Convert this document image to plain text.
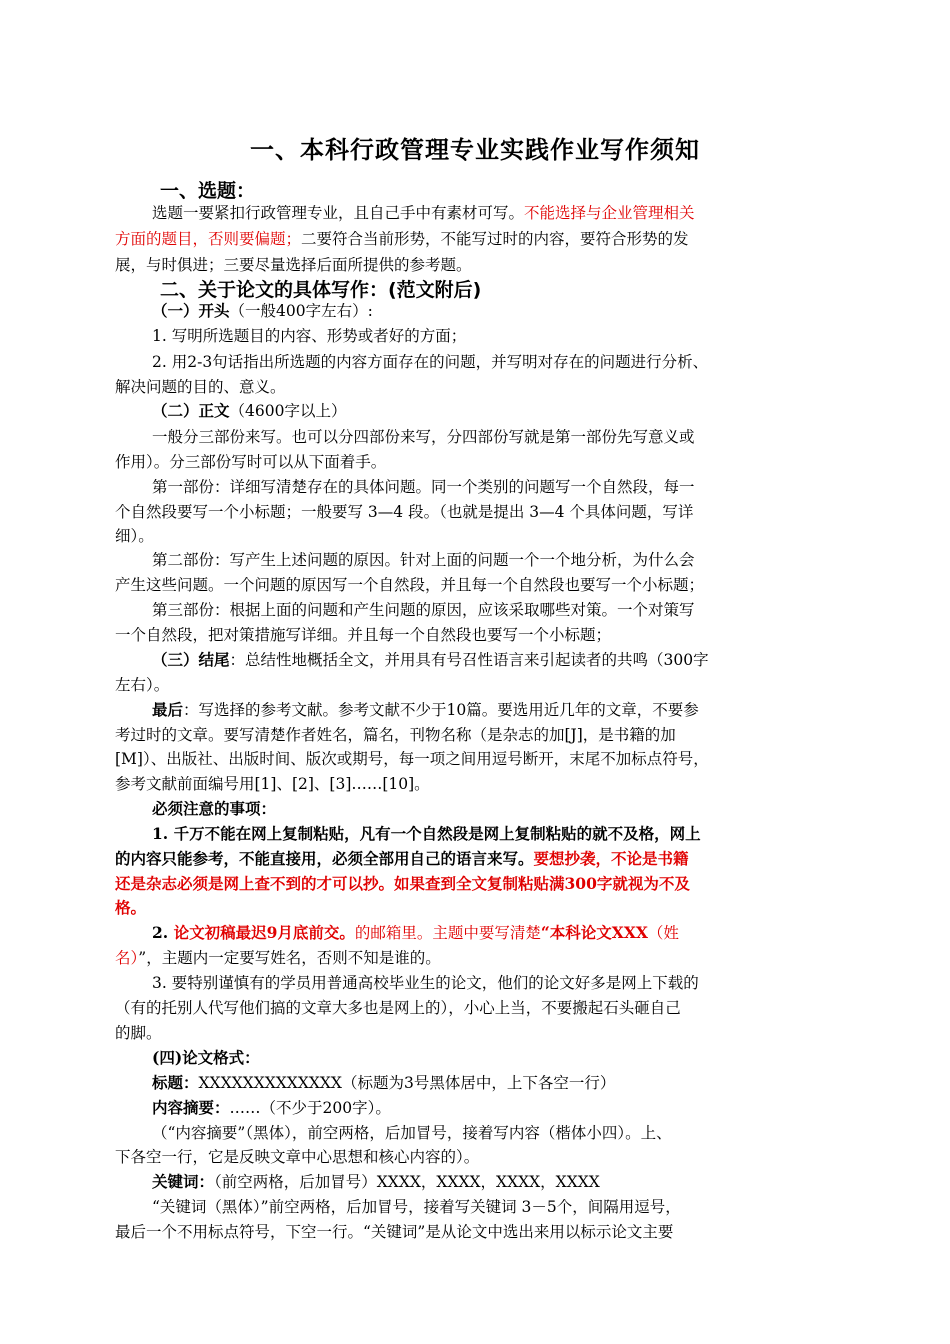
一、本科行政管理专业实践作业写作须知
一、选题：
选题一要紧扣行政管理专业，且自己手中有素材可写。不能选择与企业管理相关
方面的题目，否则要偏题；二要符合当前形势，不能写过时的内容，要符合形势的发
展，与时俱进；三要尽量选择后面所提供的参考题。
二、关于论文的具体写作：(范文附后)
（一）开头（一般400字左右）:
1. 写明所选题目的内容、形势或者好的方面；
2. 用2-3句话指出所选题的内容方面存在的问题，并写明对存在的问题进行分析、
解决问题的目的、意义。
（二）正文（4600字以上）
一般分三部份来写。也可以分四部份来写，分四部份写就是第一部份先写意义或
作用）。分三部份写时可以从下面着手。
第一部份：详细写清楚存在的具体问题。同一个类别的问题写一个自然段，每一
个自然段要写一个小标题；一般要写 3—4 段。（也就是提出 3—4 个具体问题，写详
细）。
第二部份：写产生上述问题的原因。针对上面的问题一个一个地分析，为什么会
产生这些问题。一个问题的原因写一个自然段，并且每一个自然段也要写一个小标题；
第三部份：根据上面的问题和产生问题的原因，应该采取哪些对策。一个对策写
一个自然段，把对策措施写详细。并且每一个自然段也要写一个小标题；
（三）结尾：总结性地概括全文，并用具有号召性语言来引起读者的共鸣（300字
左右）。
最后：写选择的参考文献。参考文献不少于10篇。要选用近几年的文章，不要参
考过时的文章。要写清楚作者姓名，篇名，刊物名称（是杂志的加[J]，是书籍的加
[M]）、出版社、出版时间、版次或期号，每一项之间用逗号断开，末尾不加标点符号，
参考文献前面编号用[1]、[2]、[3]……[10]。
必须注意的事项：
1. 千万不能在网上复制粘贴，凡有一个自然段是网上复制粘贴的就不及格，网上
的内容只能参考，不能直接用，必须全部用自己的语言来写。要想抄袭，不论是书籍
还是杂志必须是网上查不到的才可以抄。如果查到全文复制粘贴满300字就视为不及
格。
2. 论文初稿最迟9月底前交。的邮箱里。主题中要写清楚“本科论文XXX（姓
名）”，主题内一定要写姓名，否则不知是谁的。
3. 要特别谨慎有的学员用普通高校毕业生的论文，他们的论文好多是网上下载的
（有的托别人代写他们搞的文章大多也是网上的），小心上当，不要搬起石头砸自己
的脚。
(四)论文格式：
标题：XXXXXXXXXXXXX（标题为3号黑体居中，上下各空一行）
内容摘要：……（不少于200字）。
（“内容摘要”（黑体），前空两格，后加冒号，接着写内容（楷体小四）。上、
下各空一行，它是反映文章中心思想和核心内容的）。
关键词：（前空两格，后加冒号）XXXX，XXXX，XXXX，XXXX
“关键词（黑体）”前空两格，后加冒号，接着写关键词 3－5个，间隔用逗号，
最后一个不用标点符号，下空一行。“关键词”是从论文中选出来用以标示论文主要
